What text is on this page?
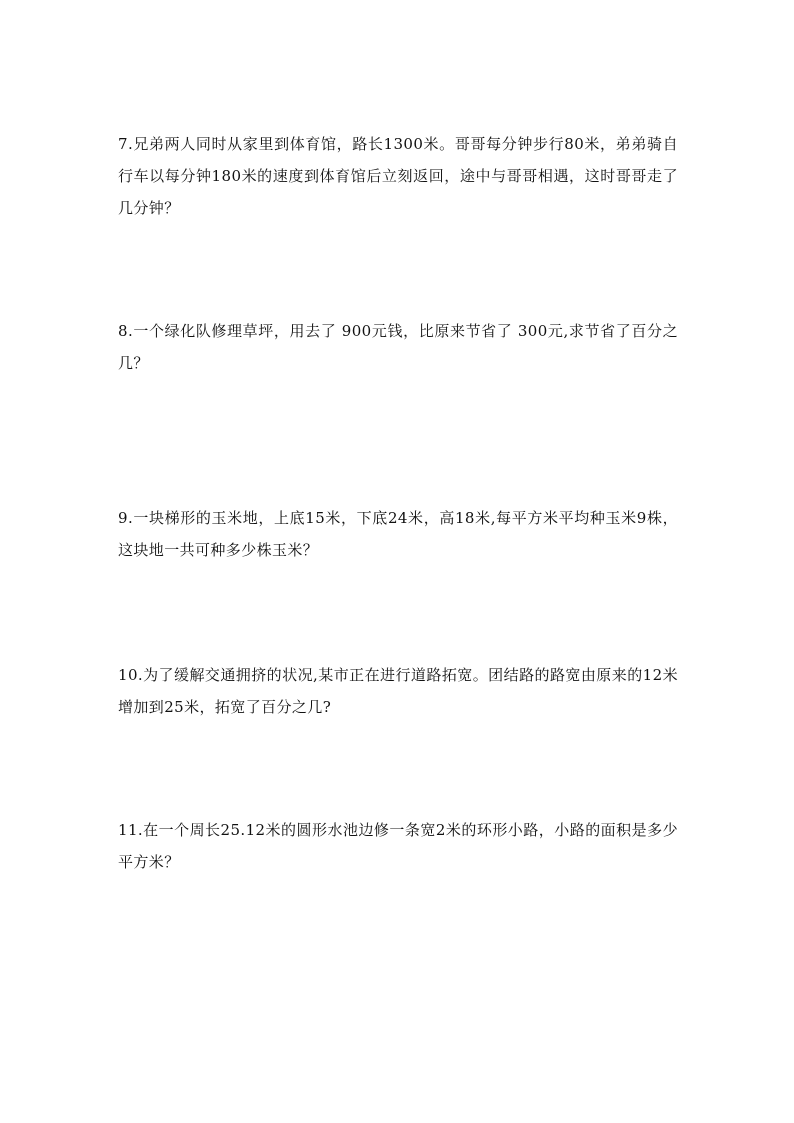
7.兄弟两人同时从家里到体育馆，路长1300米。哥哥每分钟步行80米，弟弟骑自行车以每分钟180米的速度到体育馆后立刻返回，途中与哥哥相遇，这时哥哥走了几分钟？

8.一个绿化队修理草坪，用去了 900元钱，比原来节省了 300元,求节省了百分之几？

9.一块梯形的玉米地，上底15米，下底24米，高18米,每平方米平均种玉米9株，这块地一共可种多少株玉米？

10.为了缓解交通拥挤的状况,某市正在进行道路拓宽。团结路的路宽由原来的12米增加到25米，拓宽了百分之几?

11.在一个周长25.12米的圆形水池边修一条宽2米的环形小路，小路的面积是多少平方米？
